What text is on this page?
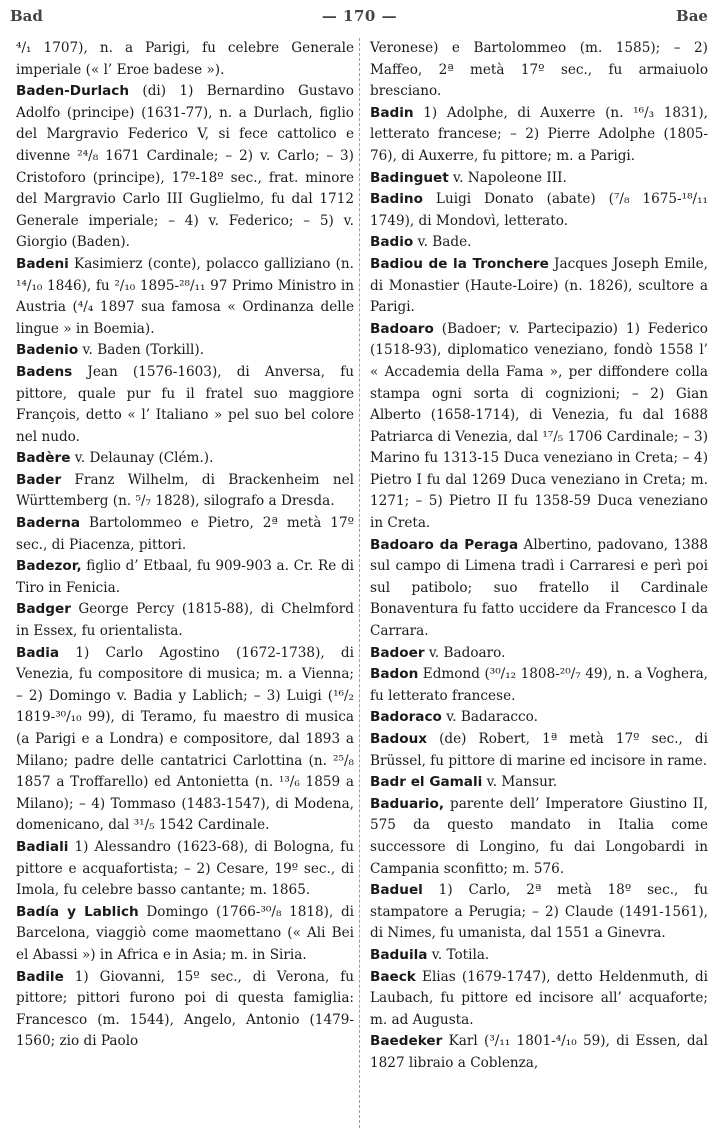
Bad	— 170 —	Bae

⁴/₁ 1707), n. a Parigi, fu celebre Generale imperiale (« l’ Eroe badese »).

Baden-Durlach (di) 1) Bernardino Gustavo Adolfo (principe) (1631-77), n. a Durlach, figlio del Margravio Federico V, si fece cattolico e divenne ²⁴/₈ 1671 Cardinale; – 2) v. Carlo; – 3) Cristoforo (principe), 17º-18º sec., frat. minore del Margravio Carlo III Guglielmo, fu dal 1712 Generale imperiale; – 4) v. Federico; – 5) v. Giorgio (Baden).

Badeni Kasimierz (conte), polacco galliziano (n. ¹⁴/₁₀ 1846), fu ²/₁₀ 1895-²⁸/₁₁ 97 Primo Ministro in Austria (⁴/₄ 1897 sua famosa « Ordinanza delle lingue » in Boemia).

Badenio v. Baden (Torkill).

Badens Jean (1576-1603), di Anversa, fu pittore, quale pur fu il fratel suo maggiore François, detto « l’ Italiano » pel suo bel colore nel nudo.

Badère v. Delaunay (Clém.).

Bader Franz Wilhelm, di Brackenheim nel Württemberg (n. ⁵/₇ 1828), silografo a Dresda.

Baderna Bartolommeo e Pietro, 2ª metà 17º sec., di Piacenza, pittori.

Badezor, figlio d’ Etbaal, fu 909-903 a. Cr. Re di Tiro in Fenicia.

Badger George Percy (1815-88), di Chelmford in Essex, fu orientalista.

Badia 1) Carlo Agostino (1672-1738), di Venezia, fu compositore di musica; m. a Vienna; – 2) Domingo v. Badia y Lablich; – 3) Luigi (¹⁶/₂ 1819-³⁰/₁₀ 99), di Teramo, fu maestro di musica (a Parigi e a Londra) e compositore, dal 1893 a Milano; padre delle cantatrici Carlottina (n. ²⁵/₈ 1857 a Troffarello) ed Antonietta (n. ¹³/₆ 1859 a Milano); – 4) Tommaso (1483-1547), di Modena, domenicano, dal ³¹/₅ 1542 Cardinale.

Badiali 1) Alessandro (1623-68), di Bologna, fu pittore e acquafortista; – 2) Cesare, 19º sec., di Imola, fu celebre basso cantante; m. 1865.

Badía y Lablich Domingo (1766-³⁰/₈ 1818), di Barcelona, viaggiò come maomettano (« Ali Bei el Abassi ») in Africa e in Asia; m. in Siria.

Badile 1) Giovanni, 15º sec., di Verona, fu pittore; pittori furono poi di questa famiglia: Francesco (m. 1544), Angelo, Antonio (1479-1560; zio di Paolo

Veronese) e Bartolommeo (m. 1585); – 2) Maffeo, 2ª metà 17º sec., fu armaiuolo bresciano.

Badin 1) Adolphe, di Auxerre (n. ¹⁶/₃ 1831), letterato francese; – 2) Pierre Adolphe (1805-76), di Auxerre, fu pittore; m. a Parigi.

Badinguet v. Napoleone III.

Badino Luigi Donato (abate) (⁷/₈ 1675-¹⁸/₁₁ 1749), di Mondovì, letterato.

Badio v. Bade.

Badiou de la Tronchere Jacques Joseph Emile, di Monastier (Haute-Loire) (n. 1826), scultore a Parigi.

Badoaro (Badoer; v. Partecipazio) 1) Federico (1518-93), diplomatico veneziano, fondò 1558 l’ « Accademia della Fama », per diffondere colla stampa ogni sorta di cognizioni; – 2) Gian Alberto (1658-1714), di Venezia, fu dal 1688 Patriarca di Venezia, dal ¹⁷/₅ 1706 Cardinale; – 3) Marino fu 1313-15 Duca veneziano in Creta; – 4) Pietro I fu dal 1269 Duca veneziano in Creta; m. 1271; – 5) Pietro II fu 1358-59 Duca veneziano in Creta.

Badoaro da Peraga Albertino, padovano, 1388 sul campo di Limena tradì i Carraresi e perì poi sul patibolo; suo fratello il Cardinale Bonaventura fu fatto uccidere da Francesco I da Carrara.

Badoer v. Badoaro.

Badon Edmond (³⁰/₁₂ 1808-²⁰/₇ 49), n. a Voghera, fu letterato francese.

Badoraco v. Badaracco.

Badoux (de) Robert, 1ª metà 17º sec., di Brüssel, fu pittore di marine ed incisore in rame.

Badr el Gamali v. Mansur.

Baduario, parente dell’ Imperatore Giustino II, 575 da questo mandato in Italia come successore di Longino, fu dai Longobardi in Campania sconfitto; m. 576.

Baduel 1) Carlo, 2ª metà 18º sec., fu stampatore a Perugia; – 2) Claude (1491-1561), di Nimes, fu umanista, dal 1551 a Ginevra.

Baduila v. Totila.

Baeck Elias (1679-1747), detto Heldenmuth, di Laubach, fu pittore ed incisore all’ acquaforte; m. ad Augusta.

Baedeker Karl (³/₁₁ 1801-⁴/₁₀ 59), di Essen, dal 1827 libraio a Coblenza,
